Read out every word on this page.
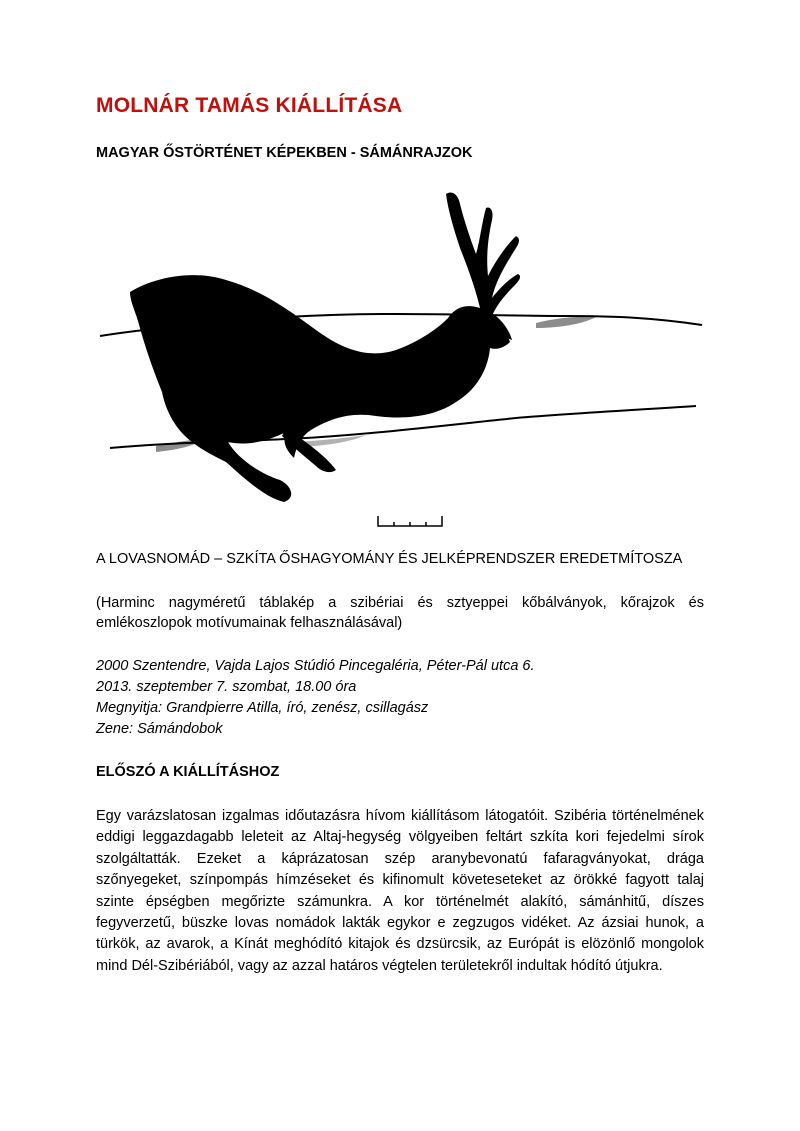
MOLNÁR TAMÁS KIÁLLÍTÁSA
MAGYAR ŐSTÖRTÉNET KÉPEKBEN - SÁMÁNRAJZOK
A LOVASNOMÁD – SZKÍTA ŐSHAGYOMÁNY ÉS JELKÉPRENDSZER EREDETMÍTOSZA
(Harminc nagyméretű táblakép a szibériai és sztyeppei kőbálványok, kőrajzok és emlékoszlopok motívumainak felhasználásával)
2000 Szentendre, Vajda Lajos Stúdió Pincegaléria, Péter-Pál utca 6.
2013. szeptember 7. szombat, 18.00 óra
Megnyitja: Grandpierre Atilla, író, zenész, csillagász
Zene: Sámándobok
ELŐSZÓ A KIÁLLÍTÁSHOZ
Egy varázslatosan izgalmas időutazásra hívom kiállításom látogatóit. Szibéria történelmének eddigi leggazdagabb leleteit az Altaj-hegység völgyeiben feltárt szkíta kori fejedelmi sírok szolgáltatták. Ezeket a káprázatosan szép aranybevonatú fafaragványokat, drága szőnyegeket, színpompás hímzéseket és kifinomult követeseteket az örökké fagyott talaj szinte épségben megőrizte számunkra. A kor történelmét alakító, sámánhitű, díszes fegyverzetű, büszke lovas nomádok lakták egykor e zegzugos vidéket. Az ázsiai hunok, a türkök, az avarok, a Kínát meghódító kitajok és dzsürcsik, az Európát is elözönlő mongolok mind Dél-Szibériából, vagy az azzal határos végtelen területekről indultak hódító útjukra.
